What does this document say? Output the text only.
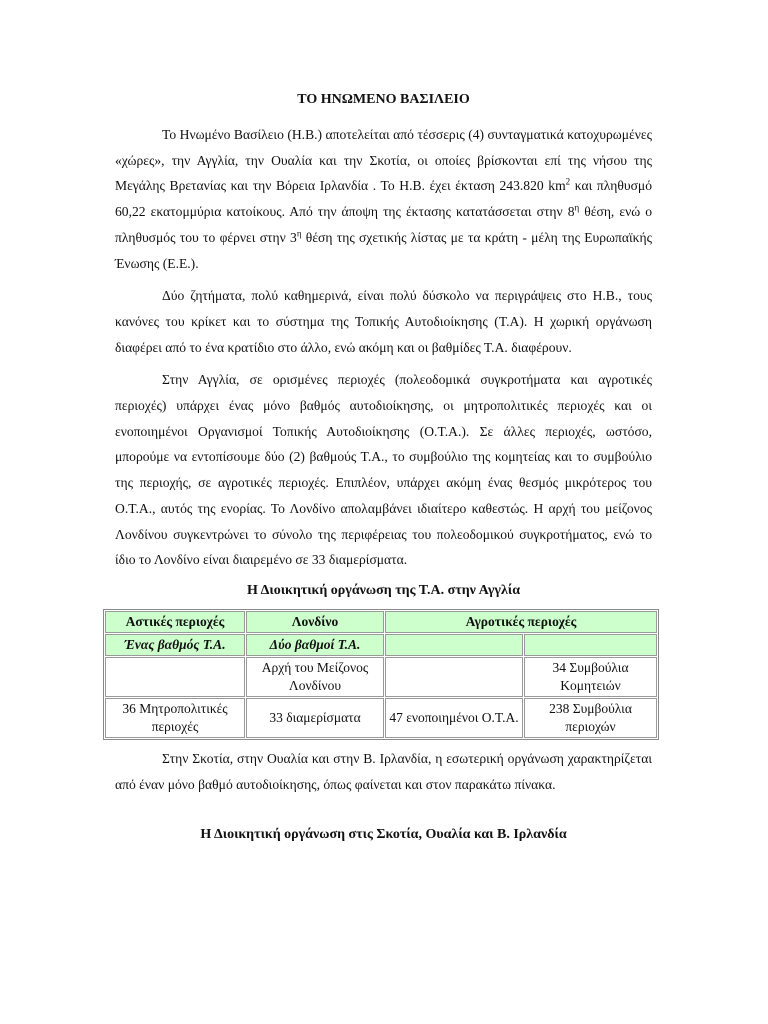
ΤΟ ΗΝΩΜΕΝΟ ΒΑΣΙΛΕΙΟ

Το Ηνωμένο Βασίλειο (Η.Β.) αποτελείται από τέσσερις (4) συνταγματικά κατοχυρωμένες «χώρες», την Αγγλία, την Ουαλία και την Σκοτία, οι οποίες βρίσκονται επί της νήσου της Μεγάλης Βρετανίας και την Βόρεια Ιρλανδία . Το Η.Β. έχει έκταση 243.820 $km^2$ και πληθυσμό 60,22 εκατομμύρια κατοίκους. Από την άποψη της έκτασης κατατάσσεται στην $8^\eta$ θέση, ενώ ο πληθυσμός του το φέρνει στην $3^\eta$ θέση της σχετικής λίστας με τα κράτη - μέλη της Ευρωπαϊκής Ένωσης (Ε.Ε.).

Δύο ζητήματα, πολύ καθημερινά, είναι πολύ δύσκολο να περιγράψεις στο Η.Β., τους κανόνες του κρίκετ και το σύστημα της Τοπικής Αυτοδιοίκησης (Τ.Α). Η χωρική οργάνωση διαφέρει από το ένα κρατίδιο στο άλλο, ενώ ακόμη και οι βαθμίδες Τ.Α. διαφέρουν.

Στην Αγγλία, σε ορισμένες περιοχές (πολεοδομικά συγκροτήματα και αγροτικές περιοχές) υπάρχει ένας μόνο βαθμός αυτοδιοίκησης, οι μητροπολιτικές περιοχές και οι ενοποιημένοι Οργανισμοί Τοπικής Αυτοδιοίκησης (Ο.Τ.Α.). Σε άλλες περιοχές, ωστόσο, μπορούμε να εντοπίσουμε δύο (2) βαθμούς Τ.Α., το συμβούλιο της κομητείας και το συμβούλιο της περιοχής, σε αγροτικές περιοχές. Επιπλέον, υπάρχει ακόμη ένας θεσμός μικρότερος του Ο.Τ.Α., αυτός της ενορίας. Το Λονδίνο απολαμβάνει ιδιαίτερο καθεστώς. Η αρχή του μείζονος Λονδίνου συγκεντρώνει το σύνολο της περιφέρειας του πολεοδομικού συγκροτήματος, ενώ το ίδιο το Λονδίνο είναι διαιρεμένο σε 33 διαμερίσματα.

Η Διοικητική οργάνωση της Τ.Α. στην Αγγλία

Αστικές περιοχές	Λονδίνο	Αγροτικές περιοχές	
Ένας βαθμός Τ.Α.	Δύο βαθμοί Τ.Α.		
	Αρχή του Μείζονος Λονδίνου		34 Συμβούλια Κομητειών
36 Μητροπολιτικές περιοχές	33 διαμερίσματα	47 ενοποιημένοι Ο.Τ.Α.	238 Συμβούλια περιοχών

Στην Σκοτία, στην Ουαλία και στην Β. Ιρλανδία, η εσωτερική οργάνωση χαρακτηρίζεται από έναν μόνο βαθμό αυτοδιοίκησης, όπως φαίνεται και στον παρακάτω πίνακα.

Η Διοικητική οργάνωση στις Σκοτία, Ουαλία και Β. Ιρλανδία
